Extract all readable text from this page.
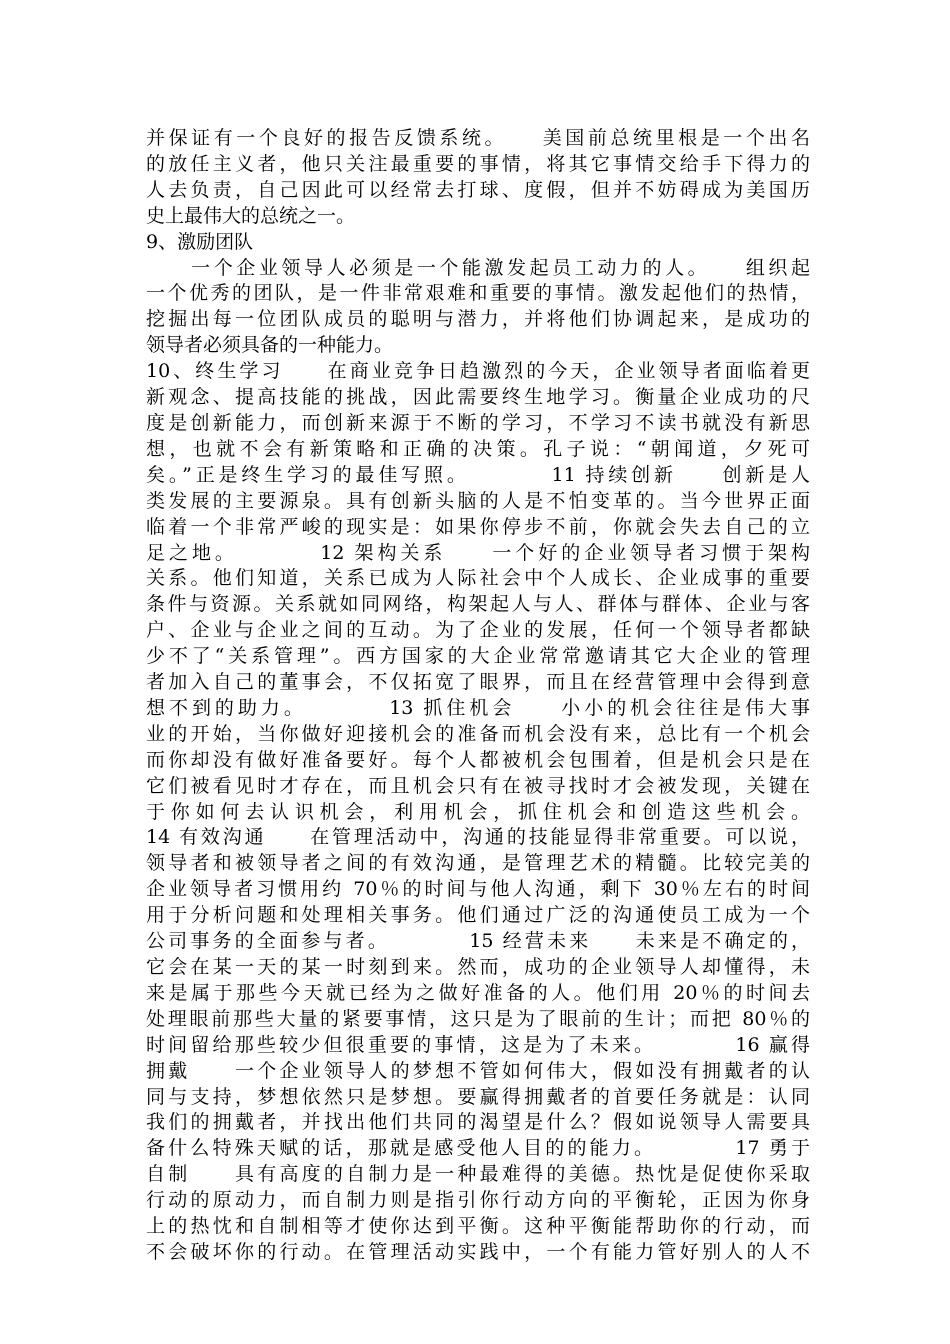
并保证有一个良好的报告反馈系统。　　美国前总统里根是一个出名
的放任主义者，他只关注最重要的事情，将其它事情交给手下得力的
人去负责，自己因此可以经常去打球、度假，但并不妨碍成为美国历
史上最伟大的总统之一。
9、激励团队
　　一个企业领导人必须是一个能激发起员工动力的人。　　组织起
一个优秀的团队，是一件非常艰难和重要的事情。激发起他们的热情，
挖掘出每一位团队成员的聪明与潜力，并将他们协调起来，是成功的
领导者必须具备的一种能力。
10、终生学习　　在商业竞争日趋激烈的今天，企业领导者面临着更
新观念、提高技能的挑战，因此需要终生地学习。衡量企业成功的尺
度是创新能力，而创新来源于不断的学习，不学习不读书就没有新思
想，也就不会有新策略和正确的决策。孔子说：“朝闻道，夕死可
矣。”正是终生学习的最佳写照。　　　　11 持续创新　　创新是人
类发展的主要源泉。具有创新头脑的人是不怕变革的。当今世界正面
临着一个非常严峻的现实是：如果你停步不前，你就会失去自己的立
足之地。　　　　12 架构关系　　一个好的企业领导者习惯于架构
关系。他们知道，关系已成为人际社会中个人成长、企业成事的重要
条件与资源。关系就如同网络，构架起人与人、群体与群体、企业与客
户、企业与企业之间的互动。为了企业的发展，任何一个领导者都缺
少不了“关系管理”。西方国家的大企业常常邀请其它大企业的管理
者加入自己的董事会，不仅拓宽了眼界，而且在经营管理中会得到意
想不到的助力。　　　　13 抓住机会　　小小的机会往往是伟大事
业的开始，当你做好迎接机会的准备而机会没有来，总比有一个机会
而你却没有做好准备要好。每个人都被机会包围着，但是机会只是在
它们被看见时才存在，而且机会只有在被寻找时才会被发现，关键在
于你如何去认识机会，利用机会，抓住机会和创造这些机会。
14 有效沟通　　在管理活动中，沟通的技能显得非常重要。可以说，
领导者和被领导者之间的有效沟通，是管理艺术的精髓。比较完美的
企业领导者习惯用约 70％的时间与他人沟通，剩下 30％左右的时间
用于分析问题和处理相关事务。他们通过广泛的沟通使员工成为一个
公司事务的全面参与者。　　　　15 经营未来　　未来是不确定的，
它会在某一天的某一时刻到来。然而，成功的企业领导人却懂得，未
来是属于那些今天就已经为之做好准备的人。他们用 20％的时间去
处理眼前那些大量的紧要事情，这只是为了眼前的生计；而把 80％的
时间留给那些较少但很重要的事情，这是为了未来。　　　　16 赢得
拥戴　　一个企业领导人的梦想不管如何伟大，假如没有拥戴者的认
同与支持，梦想依然只是梦想。要赢得拥戴者的首要任务就是：认同
我们的拥戴者，并找出他们共同的渴望是什么？假如说领导人需要具
备什么特殊天赋的话，那就是感受他人目的的能力。　　　　17 勇于
自制　　具有高度的自制力是一种最难得的美德。热忱是促使你采取
行动的原动力，而自制力则是指引你行动方向的平衡轮，正因为你身
上的热忱和自制相等才使你达到平衡。这种平衡能帮助你的行动，而
不会破坏你的行动。在管理活动实践中，一个有能力管好别人的人不
